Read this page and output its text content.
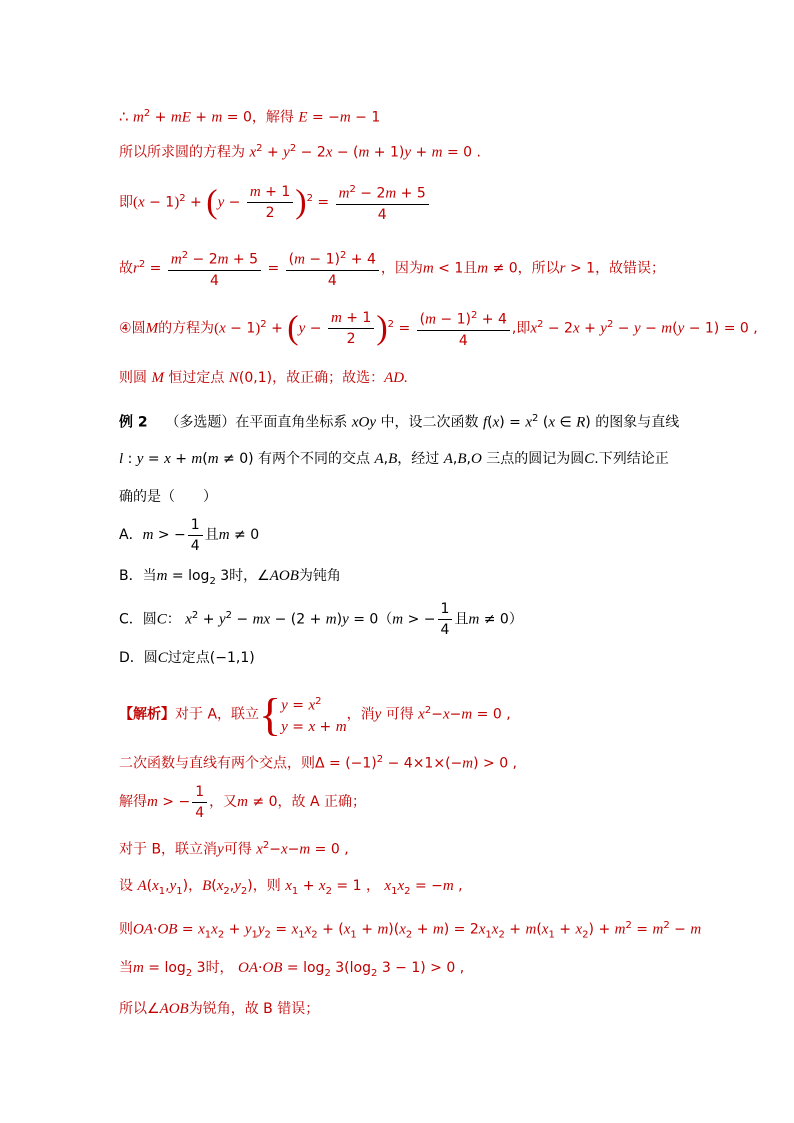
∴ $m^2$ + mE + m = 0，解得 E = −m − 1
所以所求圆的方程为 $x^2 + y^2 - 2x - (m + 1)y + m = 0$ .
即$(x - 1)^2 + (y - \frac{m + 1}{2} )^2 = \frac{m^2 - 2m + 5}{4}$
故$r^2 = \frac{m^2 - 2m + 5}{4} = \frac{(m - 1)^2 + 4}{4}$ ，因为m < 1且m ≠ 0，所以r > 1，故错误；
④圆M的方程为$(x - 1)^2 + (y - \frac{m + 1}{2} )^2 = \frac{(m - 1)^2 + 4}{4}$ ,即$x^2 - 2x + y^2 - y - m(y - 1) = 0$ ,
则圆 M 恒过定点 N(0,1)，故正确；故选：AD.
例 2 （多选题）在平面直角坐标系 xOy 中，设二次函数 $f(x) = x^2$ (x ∈ R) 的图象与直线
l : y = x + m(m ≠ 0) 有两个不同的交点 A,B，经过 A,B,O 三点的圆记为圆C.下列结论正
确的是（　　）
A．m > − $\frac{1}{4}$ 且m ≠ 0
B．当$m = \log_2 3$时，∠AOB为钝角
C．圆C： $x^2 + y^2$ − mx − (2 + m)y = 0（m > − $\frac{1}{4}$ 且m ≠ 0）
D．圆C过定点(−1,1)
【解析】对于 A，联立{ $y = x^2$
y = x + m
，消y 可得 $x^2-x-m = 0$ ,
二次函数与直线有两个交点，则$\Delta = (-1)^2 - 4\times 1\times(-m) > 0$ ,
解得m > − $\frac{1}{4}$ ，又m ≠ 0，故 A 正确；
对于 B，联立消y可得 $x^2-x-m = 0$ ,
设 $A(x_1,y_1)$，$B(x_2,y_2)$，则 $x_1 + x_2 = 1$ ， $x_1x_2 = -m$ ,
则$OA\cdot OB = x_1x_2 + y_1y_2 = x_1x_2 + (x_1 + m)(x_2 + m) = 2x_1x_2 + m(x_1 + x_2) + m^2 = m^2 - m$
当$m = \log_2 3$时， $OA\cdot OB = \log_2 3(\log_2$ 3 − 1) > 0 ,
所以∠AOB为锐角，故 B 错误；
